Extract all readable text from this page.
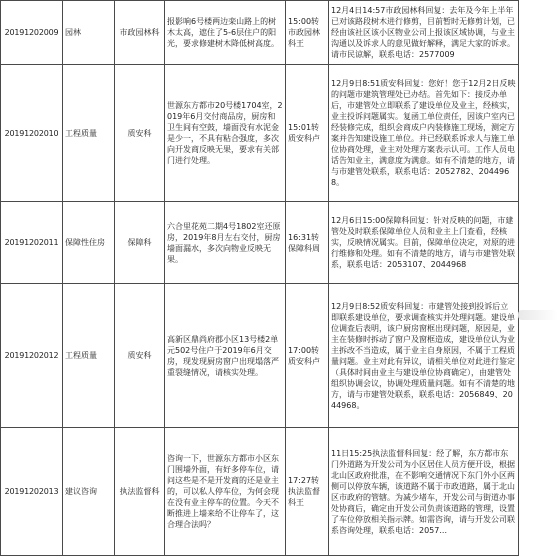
20191202009	园林	市政园林科	报影响6号楼两边栾山路上的树木太高，遮住了5-6层住户的阳光，要求修建树木降低树高度。	15:00转市政园林科王	12月4日14:57市政园林科回复：去年及今年上半年已对该路段树木进行修剪，目前暂时无修剪计划，已经由该社区该小区物业公司上报该区域协调，与业主沟通以及诉求人的意见做好解释，满足大家的诉求。请市民谅解，联系电话：2577009
20191202010	工程质量	质安科	世源东方都市20号楼1704室，2019年6月交付商品房，厨房和卫生间有空鼓，墙面没有水泥金是少一，不具有粘合强度，多次向开发商反映无果，要求有关部门进行处理。	15:01转质安科卢	12月9日8:51质安科回复：您好！您于12月2日反映的问题市建筑管理处已办结。首先如下：接反办单后，市建管处立即联系了建设单位及业主，经核实，业主投诉问题属实。复函工单位责任，因该户室内已经装修完成，组织会商成户内装修施工现场，测定方案并告知建设施工单位。并已经联系诉求人与施工单位协商处理，业主对处理方案表示认可。工作人员电话告知业主，满意度为满意。如有不清楚的地方，请与市建管处联系，联系电话：2052782、2044968。
20191202011	保障性住房	保障科	六合里花苑二期4号1802室还原房，2019年8月左右交付，厨房墙面漏水，多次向物业反映无果。	16:31转保障科周	12月6日15:00保障科回复：针对反映的问题，市建管处及时联系保障单位人员和业主上门查看，经核实，反映情况属实。目前，保障单位决定，对原的进行维修和处理。如有不清楚的地方，请与市建管处联系，联系电话：2053107、2044968
20191202012	工程质量	质安科	高新区鼎尚府郡小区13号楼2单元502号住户于2019年6月交房，现发现厨房窗户出现塌落严重裂缝情况，请核实处理。	17:00转质安科卢	12月9日8:52质安科回复：市建管处接到投诉后立即联系建设单位，要求调查核实并处理问题。建设单位调查后表明，该户厨房窗框出现问题，原因是，业主在装修时拆动了窗户及窗框造成，建设单位认为业主拆改不当造成，属于业主自身原因，不属于工程质量问题。业主对此有异议，请相关单位对此进行鉴定（具体时间由业主与建设单位协商确定），由建管处组织协调会议，协调处理质量问题。如有不清楚的地方，请与市建管处联系，联系电话：2056849、2044968。
20191202013	建议咨询	执法监督科	咨询一下，世源东方都市小区东门围墙外面，有好多停车位，请问这些是不是开发商的还是业主的，可以私人停车位，为何会现在没有业主停车的位置。今天不断推进上墙来给不让停车了，这合理合法吗？	17:27转执法监督科王	11日15:25执法监督科回复：经了解，东方都市东门外道路为开发公司为小区居住人员方便开设，根据北山区政府批准，在不影响交通情况下东门外小区两侧可以停放车辆，该道路不属于市政道路，属于北山区市政府的管辖。为减少堵车，开发公司与街道办事处协商后，确定由开发公司负责该道路的管理，设置了车位停放相关指示牌。如需咨询，请与开发公司联系咨询处理，联系电话：2057...
